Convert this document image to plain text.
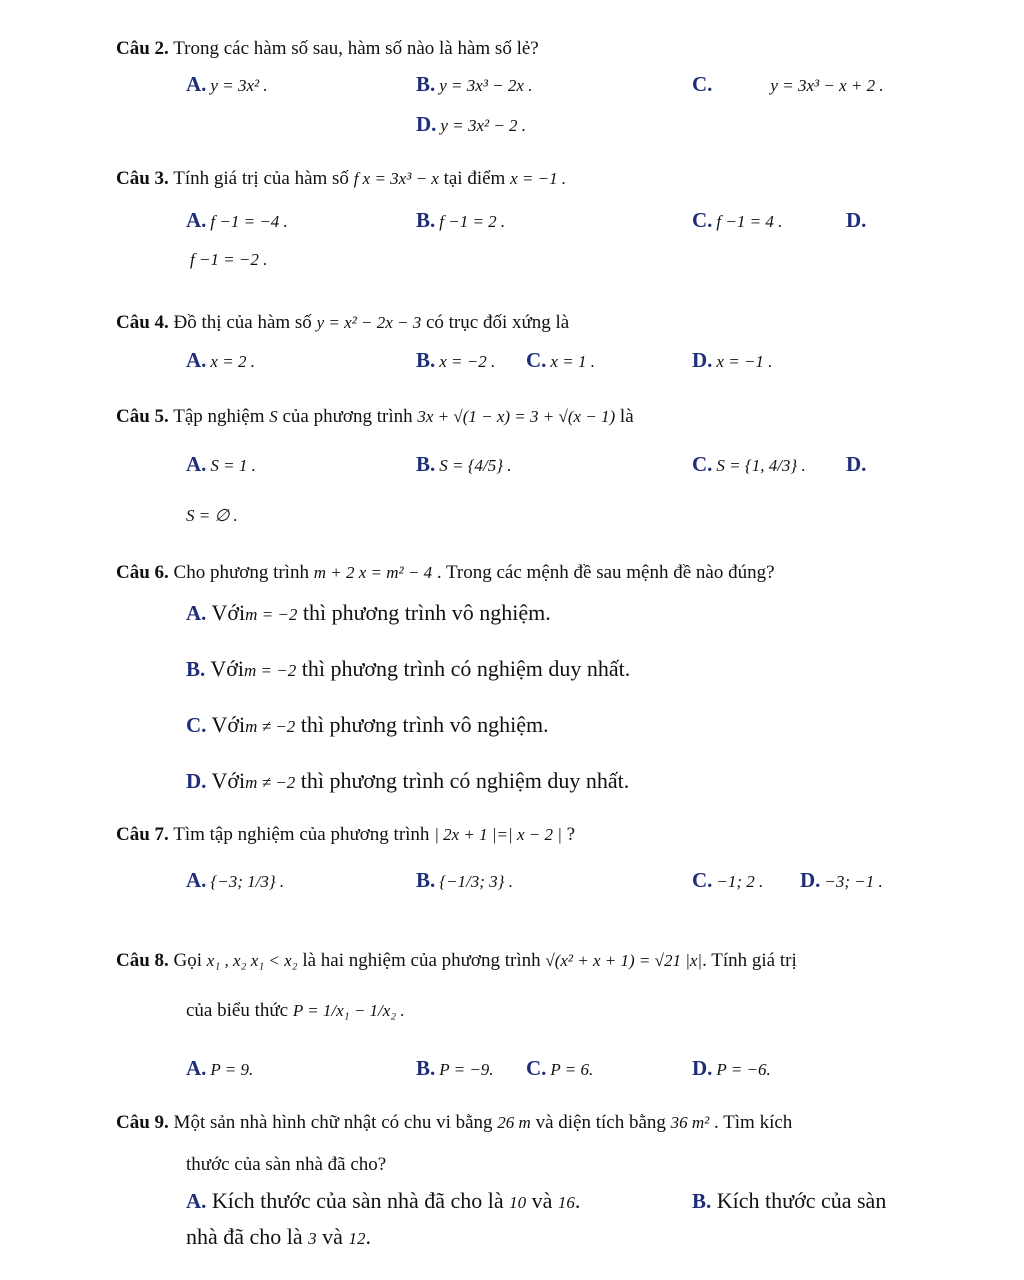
Câu 2. Trong các hàm số sau, hàm số nào là hàm số lẻ?
A. y = 3x² .	B. y = 3x³ − 2x .	C.	y = 3x³ − x + 2 .
D. y = 3x² − 2 .
Câu 3. Tính giá trị của hàm số f x = 3x³ − x tại điểm x = −1 .
A. f −1 = −4 .	B. f −1 = 2 .	C. f −1 = 4 .	D.
f −1 = −2 .
Câu 4. Đồ thị của hàm số y = x² − 2x − 3 có trục đối xứng là
A. x = 2 .	B. x = −2 . C. x = 1 .	D. x = −1 .
Câu 5. Tập nghiệm S của phương trình 3x + √(1 − x) = 3 + √(x − 1) là
A. S = 1 .	B. S = {4/5} .	C. S = {1, 4/3} . D.
S = ∅ .
Câu 6. Cho phương trình m + 2 x = m² − 4 . Trong các mệnh đề sau mệnh đề nào đúng?
A. Vớim = −2 thì phương trình vô nghiệm.
B. Vớim = −2 thì phương trình có nghiệm duy nhất.
C. Vớim ≠ −2 thì phương trình vô nghiệm.
D. Vớim ≠ −2 thì phương trình có nghiệm duy nhất.
Câu 7. Tìm tập nghiệm của phương trình | 2x + 1 |=| x − 2 | ?
A. {−3; 1/3} .	B. {−1/3; 3} .	C. −1; 2 . D. −3; −1 .
Câu 8. Gọi x₁ , x₂ x₁ < x₂ là hai nghiệm của phương trình √(x² + x + 1) = √21 |x|. Tính giá trị
của biểu thức P = 1/x₁ − 1/x₂ .
A. P = 9.	B. P = −9. C. P = 6.	D. P = −6.
Câu 9. Một sản nhà hình chữ nhật có chu vi bằng 26 m và diện tích bằng 36 m² . Tìm kích
thước của sàn nhà đã cho?
A. Kích thước của sàn nhà đã cho là 10 và 16.	B. Kích thước của sàn
nhà đã cho là 3 và 12.
